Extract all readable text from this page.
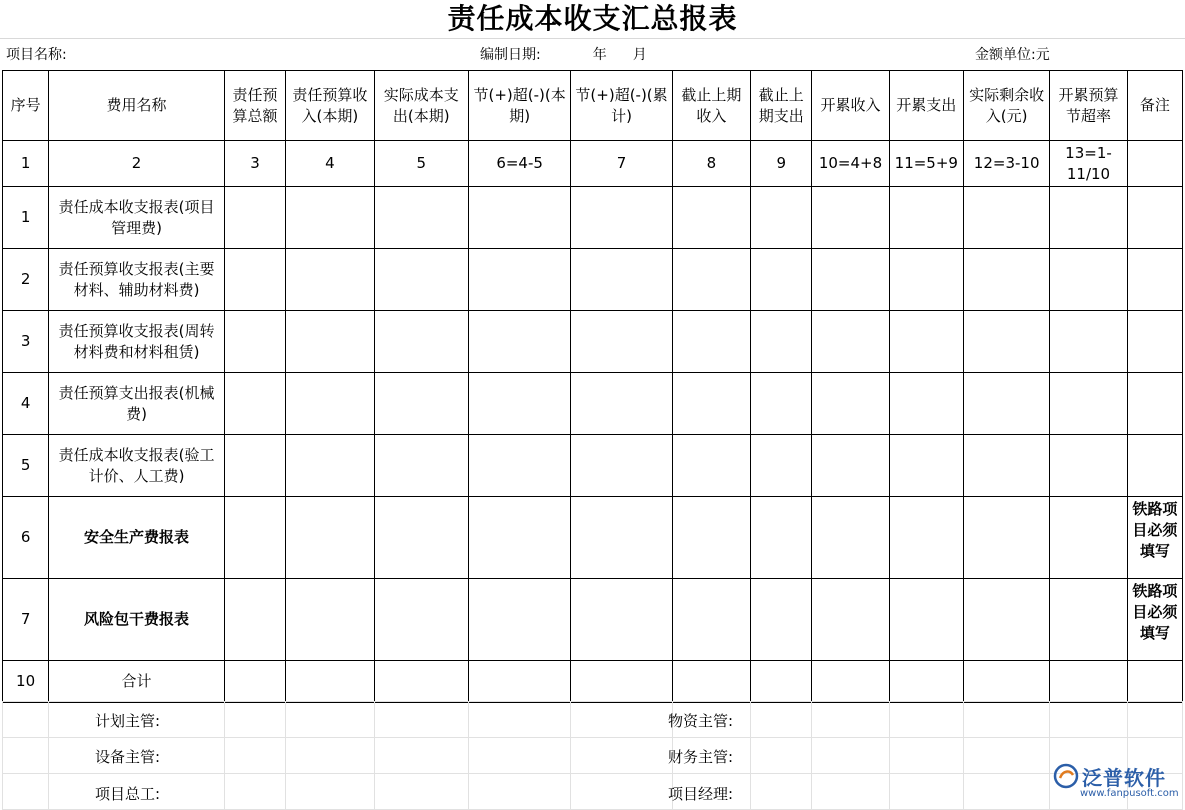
责任成本收支汇总报表
项目名称:	编制日期:	年 月	金额单位:元
序号	费用名称	责任预算总额	责任预算收入(本期)	实际成本支出(本期)	节(+)超(-)(本期)	节(+)超(-)(累计)	截止上期收入	截止上期支出	开累收入	开累支出	实际剩余收入(元)	开累预算节超率	备注
1	2	3	4	5	6=4-5	7	8	9	10=4+8	11=5+9	12=3-10	13=1-11/10	
1	责任成本收支报表(项目管理费)												
2	责任预算收支报表(主要材料、辅助材料费)												
3	责任预算收支报表(周转材料费和材料租赁)												
4	责任预算支出报表(机械费)												
5	责任成本收支报表(验工计价、人工费)												
6	安全生产费报表												铁路项目必须填写

7	风险包干费报表												铁路项目必须填写

10	合计												

计划主管:	物资主管:
设备主管:	财务主管:
项目总工:	项目经理:
泛普软件
www.fanpusoft.com
